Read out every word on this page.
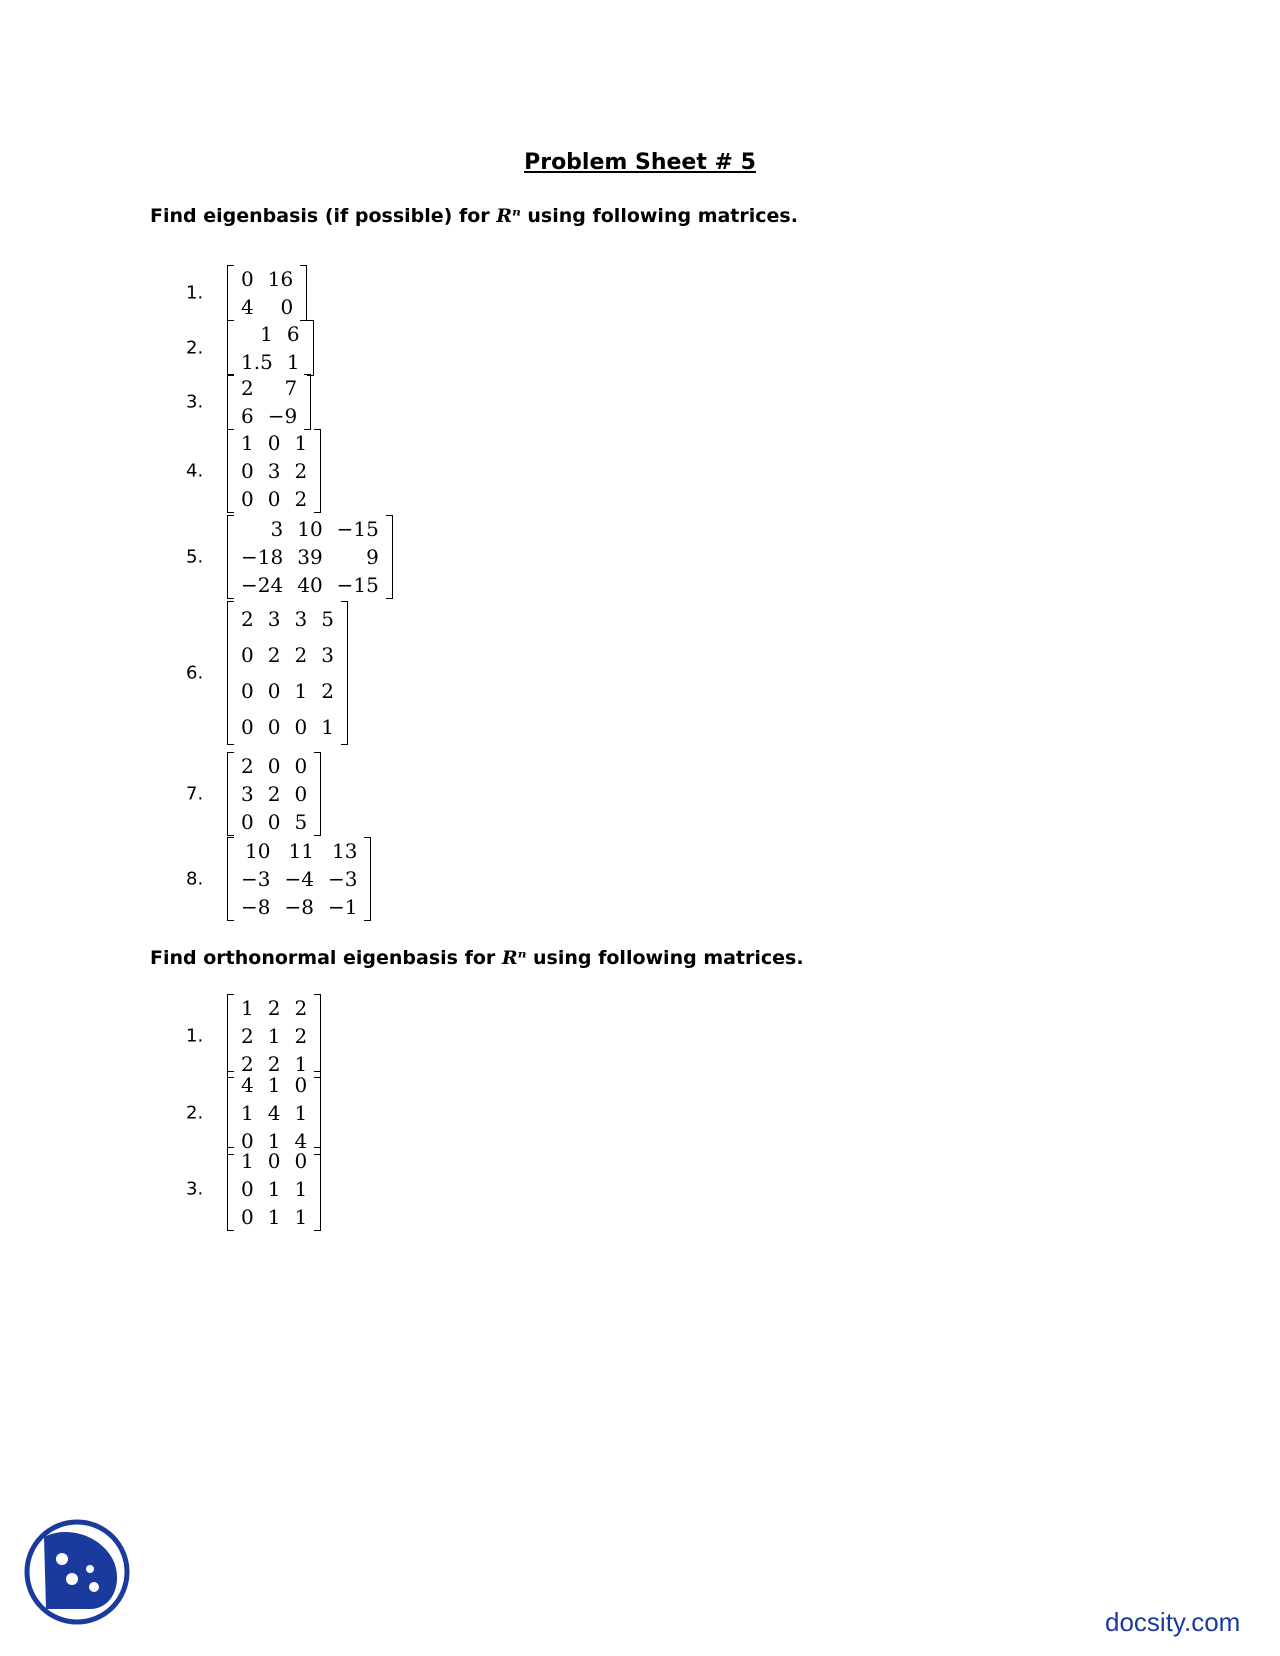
Problem Sheet # 5
Find eigenbasis (if possible) for Rⁿ using following matrices.
1.
0	16
4	0
2.
1	6
1.5	1
3.
2	7
6	−9
4.
1	0	1
0	3	2
0	0	2
5.
3	10	−15
−18	39	9
−24	40	−15
6.
2	3	3	5
0	2	2	3
0	0	1	2
0	0	0	1
7.
2	0	0
3	2	0
0	0	5
8.
10	11	13
−3	−4	−3
−8	−8	−1
Find orthonormal eigenbasis for Rⁿ using following matrices.
1.
1	2	2
2	1	2
2	2	1
2.
4	1	0
1	4	1
0	1	4
3.
1	0	0
0	1	1
0	1	1
docsity.com
